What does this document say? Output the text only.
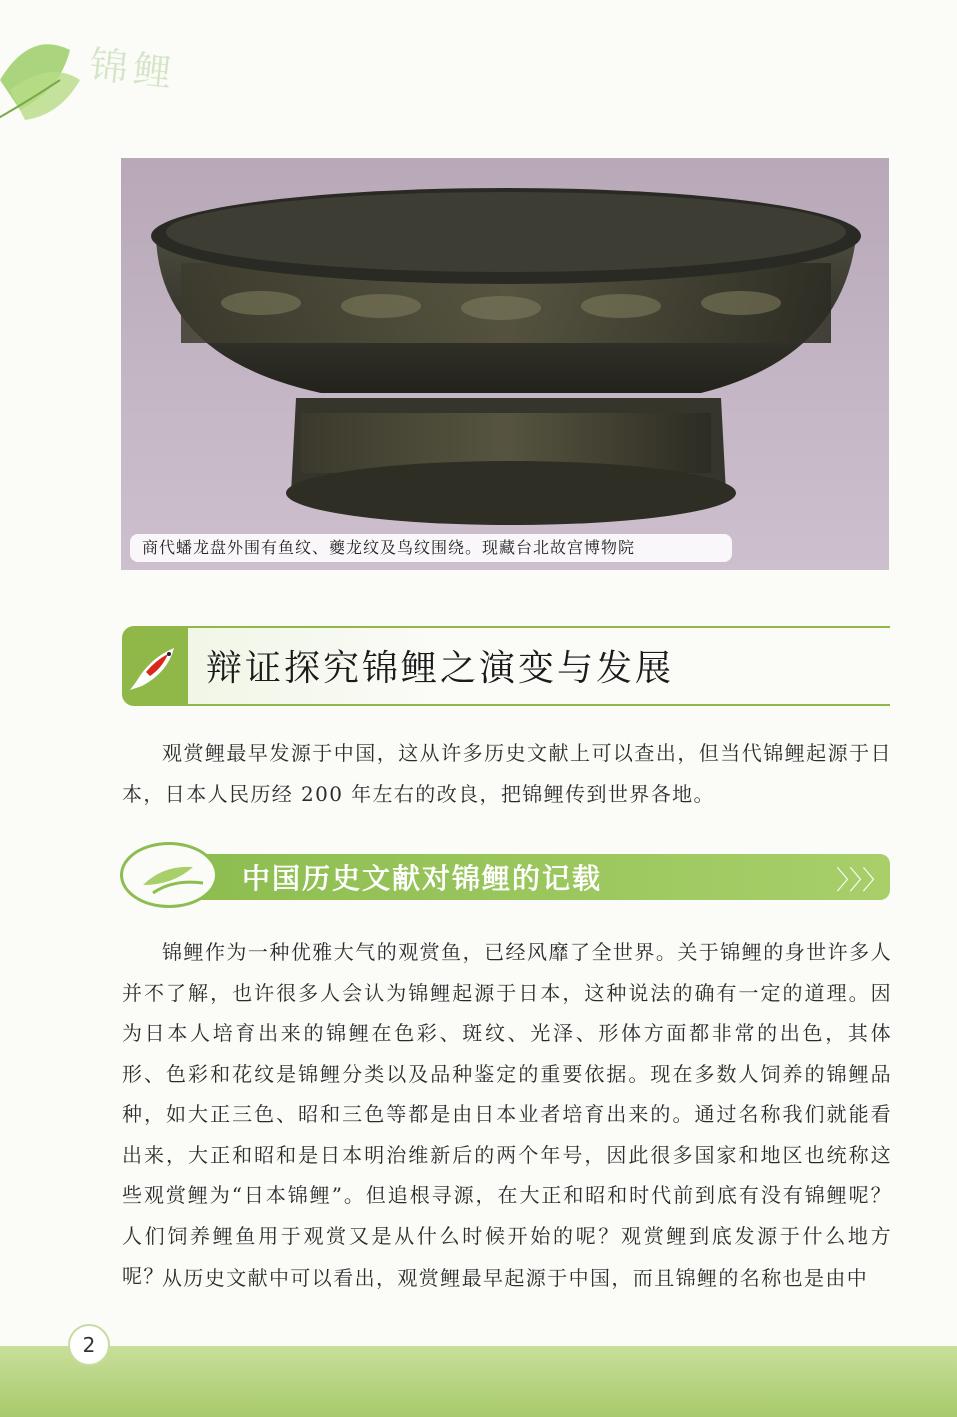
锦鲤
商代蟠龙盘外围有鱼纹、夔龙纹及鸟纹围绕。现藏台北故宫博物院
辩证探究锦鲤之演变与发展

观赏鲤最早发源于中国，这从许多历史文献上可以查出，但当代锦鲤起源于日本，日本人民历经 200 年左右的改良，把锦鲤传到世界各地。

中国历史文献对锦鲤的记载	〉〉〉

锦鲤作为一种优雅大气的观赏鱼，已经风靡了全世界。关于锦鲤的身世许多人并不了解，也许很多人会认为锦鲤起源于日本，这种说法的确有一定的道理。因为日本人培育出来的锦鲤在色彩、斑纹、光泽、形体方面都非常的出色，其体形、色彩和花纹是锦鲤分类以及品种鉴定的重要依据。现在多数人饲养的锦鲤品种，如大正三色、昭和三色等都是由日本业者培育出来的。通过名称我们就能看出来，大正和昭和是日本明治维新后的两个年号，因此很多国家和地区也统称这些观赏鲤为“日本锦鲤”。但追根寻源，在大正和昭和时代前到底有没有锦鲤呢？人们饲养鲤鱼用于观赏又是从什么时候开始的呢？观赏鲤到底发源于什么地方呢？

从历史文献中可以看出，观赏鲤最早起源于中国，而且锦鲤的名称也是由中

2
